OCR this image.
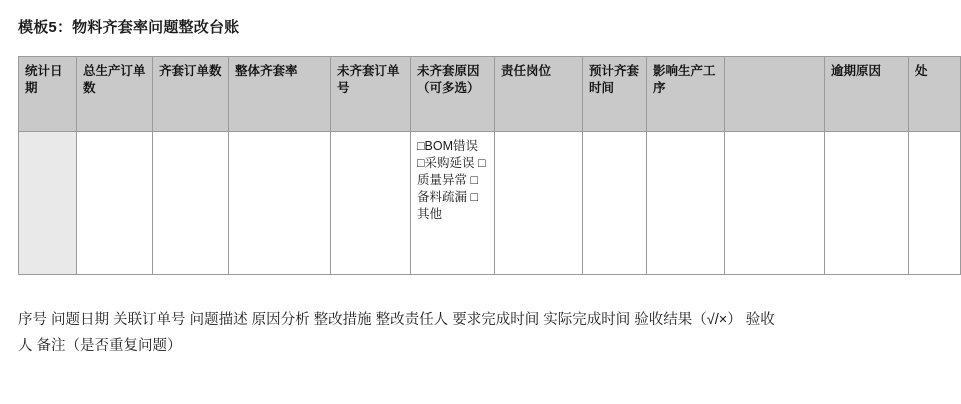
模板5：物料齐套率问题整改台账
统计日期	总生产订单数	齐套订单数	整体齐套率	未齐套订单号	未齐套原因（可多选）	责任岗位	预计齐套时间	影响生产工序		逾期原因	处

					□BOM错误 □采购延误 □质量异常 □备料疏漏 □其他						

序号 问题日期 关联订单号 问题描述 原因分析 整改措施 整改责任人 要求完成时间 实际完成时间 验收结果（√/×） 验收人 备注（是否重复问题）
